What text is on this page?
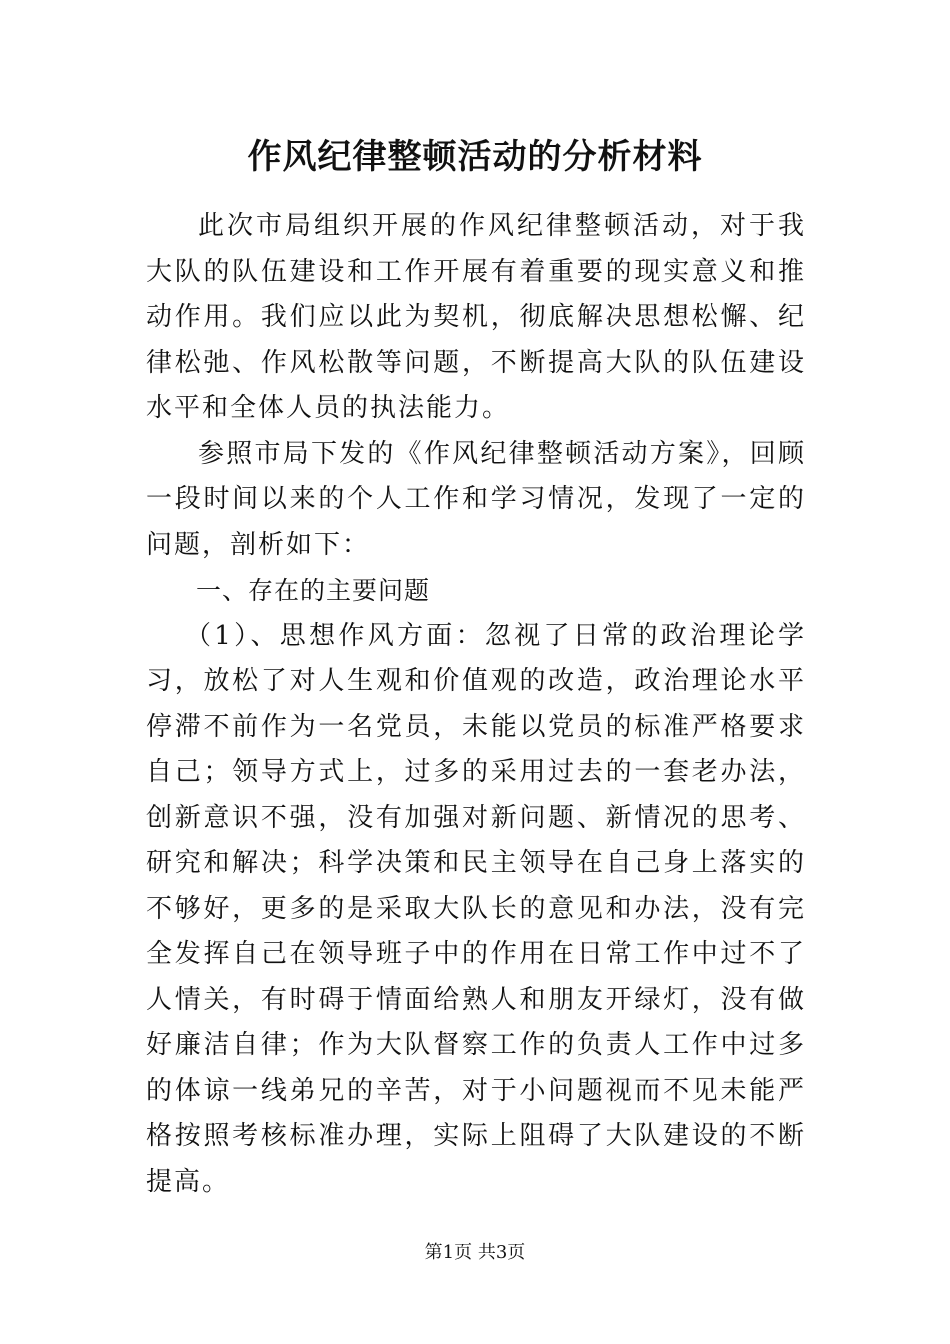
作风纪律整顿活动的分析材料

此次市局组织开展的作风纪律整顿活动，对于我大队的队伍建设和工作开展有着重要的现实意义和推动作用。我们应以此为契机，彻底解决思想松懈、纪律松弛、作风松散等问题，不断提高大队的队伍建设水平和全体人员的执法能力。

参照市局下发的《作风纪律整顿活动方案》，回顾一段时间以来的个人工作和学习情况，发现了一定的问题，剖析如下：

一、存在的主要问题

（1）、思想作风方面：忽视了日常的政治理论学习，放松了对人生观和价值观的改造，政治理论水平停滞不前作为一名党员，未能以党员的标准严格要求自己；领导方式上，过多的采用过去的一套老办法，创新意识不强，没有加强对新问题、新情况的思考、研究和解决；科学决策和民主领导在自己身上落实的不够好，更多的是采取大队长的意见和办法，没有完全发挥自己在领导班子中的作用在日常工作中过不了人情关，有时碍于情面给熟人和朋友开绿灯，没有做好廉洁自律；作为大队督察工作的负责人工作中过多的体谅一线弟兄的辛苦，对于小问题视而不见未能严格按照考核标准办理，实际上阻碍了大队建设的不断提高。

第1页 共3页
